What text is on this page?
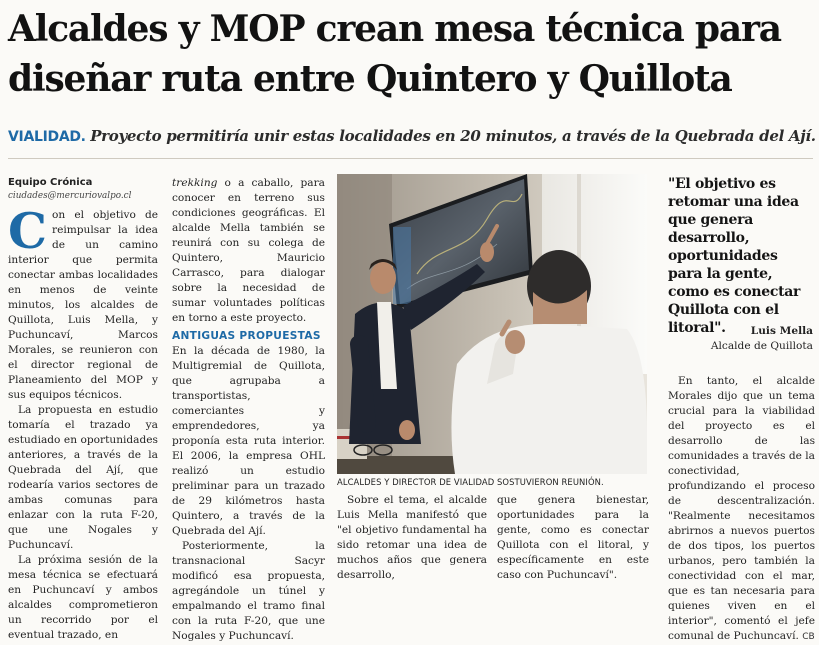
Alcaldes y MOP crean mesa técnica para
diseñar ruta entre Quintero y Quillota

VIALIDAD. Proyecto permitiría unir estas localidades en 20 minutos, a través de la Quebrada del Ají.

Equipo Crónica

ciudades@mercuriovalpo.cl

Con el objetivo de reimpulsar la idea de un camino interior que permita conectar ambas localidades en menos de veinte minutos, los alcaldes de Quillota, Luis Mella, y Puchuncaví, Marcos Morales, se reunieron con el director regional de Planeamiento del MOP y sus equipos técnicos.

La propuesta en estudio tomaría el trazado ya estudiado en oportunidades anteriores, a través de la Quebrada del Ají, que rodearía varios sectores de ambas comunas para enlazar con la ruta F-20, que une Nogales y Puchuncaví.

La próxima sesión de la mesa técnica se efectuará en Puchuncaví y ambos alcaldes comprometieron un recorrido por el eventual trazado, en

trekking o a caballo, para conocer en terreno sus condiciones geográficas. El alcalde Mella también se reunirá con su colega de Quintero, Mauricio Carrasco, para dialogar sobre la necesidad de sumar voluntades políticas en torno a este proyecto.

ANTIGUAS PROPUESTAS

En la década de 1980, la Multigremial de Quillota, que agrupaba a transportistas, comerciantes y emprendedores, ya proponía esta ruta interior. El 2006, la empresa OHL realizó un estudio preliminar para un trazado de 29 kilómetros hasta Quintero, a través de la Quebrada del Ají.

Posteriormente, la transnacional Sacyr modificó esa propuesta, agregándole un túnel y empalmando el tramo final con la ruta F-20, que une Nogales y Puchuncaví.

ALCALDES Y DIRECTOR DE VIALIDAD SOSTUVIERON REUNIÓN.

Sobre el tema, el alcalde Luis Mella manifestó que "el objetivo fundamental ha sido retomar una idea de muchos años que genera desarrollo,

que genera bienestar, oportunidades para la gente, como es conectar Quillota con el litoral, y específicamente en este caso con Puchuncaví".

"El objetivo es retomar una idea que genera desarrollo, oportunidades para la gente, como es conectar Quillota con el litoral".	Luis Mella
Alcalde de Quillota

En tanto, el alcalde Morales dijo que un tema crucial para la viabilidad del proyecto es el desarrollo de las comunidades a través de la conectividad, profundizando el proceso de descentralización. "Realmente necesitamos abrirnos a nuevos puertos de dos tipos, los puertos urbanos, pero también la conectividad con el mar, que es tan necesaria para quienes viven en el interior", comentó el jefe comunal de Puchuncaví. CB
